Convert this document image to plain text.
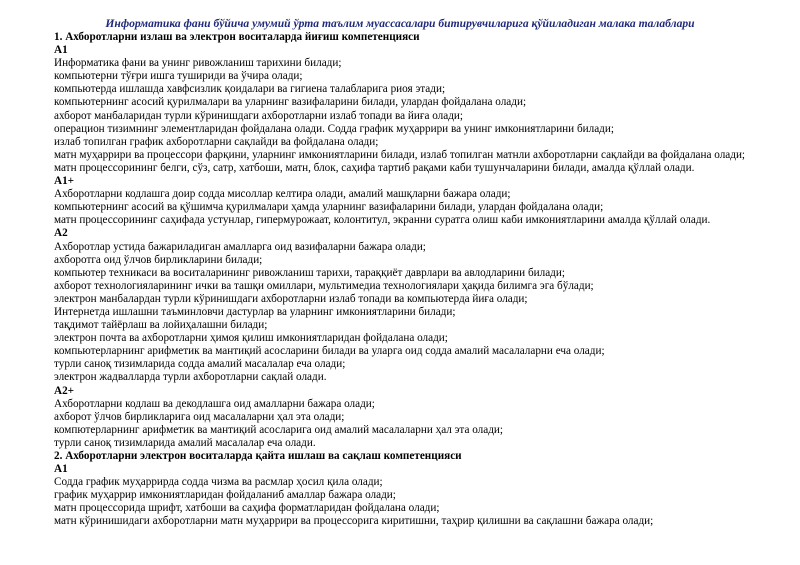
Информатика фани бўйича умумий ўрта таълим муассасалари битирувчиларига қўйиладиган малака талаблари
1. Ахборотларни излаш ва электрон воситаларда йиғиш компетенцияси
А1
Информатика фани ва унинг ривожланиш тарихини билади;
компьютерни тўғри ишга тушириди ва ўчира олади;
компьютерда ишлашда хавфсизлик қоидалари ва гигиена талабларига риоя этади;
компьютернинг асосий қурилмалари ва уларнинг вазифаларини билади, улардан фойдалана олади;
ахборот манбаларидан турли кўринишдаги ахборотларни излаб топади ва йиға олади;
операцион тизимнинг элементларидан фойдалана олади. Содда график муҳаррири ва унинг имкониятларини билади;
излаб топилган график ахборотларни сақлайди ва фойдалана олади;
матн муҳаррири ва процессори фарқини, уларнинг имкониятларини билади, излаб топилган матнли ахборотларни сақлайди ва фойдалана олади;
матн процессорининг белги, сўз, сатр, хатбоши, матн, блок, саҳифа тартиб рақами каби тушунчаларини билади, амалда қўллай олади.
А1+
Ахборотларни кодлашга доир содда мисоллар келтира олади, амалий машқларни бажара олади;
компьютернинг асосий ва қўшимча қурилмалари ҳамда уларнинг вазифаларини билади, улардан фойдалана олади;
матн процессорининг саҳифада устунлар, гипермурожаат, колонтитул, экранни суратга олиш каби имкониятларини амалда қўллай олади.
А2
Ахборотлар устида бажариладиган амалларга оид вазифаларни бажара олади;
ахборотга оид ўлчов бирликларини билади;
компьютер техникаси ва воситаларининг ривожланиш тарихи, тараққиёт даврлари ва авлодларини билади;
ахборот технологияларининг ички ва ташқи омиллари, мультимедиа технологиялари ҳақида билимга эга бўлади;
электрон манбалардан турли кўринишдаги ахборотларни излаб топади ва компьютерда йиға олади;
Интернетда ишлашни таъминловчи дастурлар ва уларнинг имкониятларини билади;
тақдимот тайёрлаш ва лойиҳалашни билади;
электрон почта ва ахборотларни ҳимоя қилиш имкониятларидан фойдалана олади;
компьютерларнинг арифметик ва мантиқий асосларини билади ва уларга оид содда амалий масалаларни еча олади;
турли саноқ тизимларида содда амалий масалалар еча олади;
электрон жадвалларда турли ахборотларни сақлай олади.
А2+
Ахборотларни кодлаш ва декодлашга оид амалларни бажара олади;
ахборот ўлчов бирликларига оид масалаларни ҳал эта олади;
компютерларнинг арифметик ва мантиқий асосларига оид амалий масалаларни ҳал эта олади;
турли саноқ тизимларида амалий масалалар еча олади.
2. Ахборотларни электрон воситаларда қайта ишлаш ва сақлаш компетенцияси
А1
Содда график муҳаррирда содда чизма ва расмлар ҳосил қила олади;
график муҳаррир имкониятларидан фойдаланиб амаллар бажара олади;
матн процессорида шрифт, хатбоши ва саҳифа форматларидан фойдалана олади;
матн кўринишидаги ахборотларни матн муҳаррири ва процессорига киритишни, таҳрир қилишни ва сақлашни бажара олади;
